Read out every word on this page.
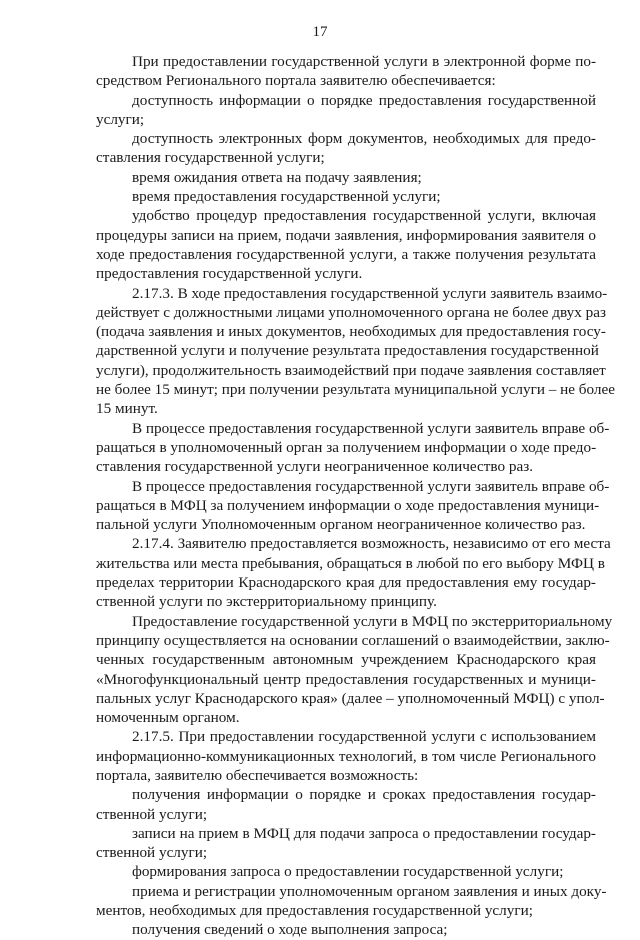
17
При предоставлении государственной услуги в электронной форме по-
средством Регионального портала заявителю обеспечивается:
доступность информации о порядке предоставления государственной
услуги;
доступность электронных форм документов, необходимых для предо-
ставления государственной услуги;
время ожидания ответа на подачу заявления;
время предоставления государственной услуги;
удобство процедур предоставления государственной услуги, включая
процедуры записи на прием, подачи заявления, информирования заявителя о
ходе предоставления государственной услуги, а также получения результата
предоставления государственной услуги.
2.17.3. В ходе предоставления государственной услуги заявитель взаимо-
действует с должностными лицами уполномоченного органа не более двух раз
(подача заявления и иных документов, необходимых для предоставления госу-
дарственной услуги и получение результата предоставления государственной
услуги), продолжительность взаимодействий при подаче заявления составляет
не более 15 минут; при получении результата муниципальной услуги – не более
15 минут.
В процессе предоставления государственной услуги заявитель вправе об-
ращаться в уполномоченный орган за получением информации о ходе предо-
ставления государственной услуги неограниченное количество раз.
В процессе предоставления государственной услуги заявитель вправе об-
ращаться в МФЦ за получением информации о ходе предоставления муници-
пальной услуги Уполномоченным органом неограниченное количество раз.
2.17.4. Заявителю предоставляется возможность, независимо от его места
жительства или места пребывания, обращаться в любой по его выбору МФЦ в
пределах территории Краснодарского края для предоставления ему государ-
ственной услуги по экстерриториальному принципу.
Предоставление государственной услуги в МФЦ по экстерриториальному
принципу осуществляется на основании соглашений о взаимодействии, заклю-
ченных государственным автономным учреждением Краснодарского края
«Многофункциональный центр предоставления государственных и муници-
пальных услуг Краснодарского края» (далее – уполномоченный МФЦ) с упол-
номоченным органом.
2.17.5. При предоставлении государственной услуги с использованием
информационно-коммуникационных технологий, в том числе Регионального
портала, заявителю обеспечивается возможность:
получения информации о порядке и сроках предоставления государ-
ственной услуги;
записи на прием в МФЦ для подачи запроса о предоставлении государ-
ственной услуги;
формирования запроса о предоставлении государственной услуги;
приема и регистрации уполномоченным органом заявления и иных доку-
ментов, необходимых для предоставления государственной услуги;
получения сведений о ходе выполнения запроса;
